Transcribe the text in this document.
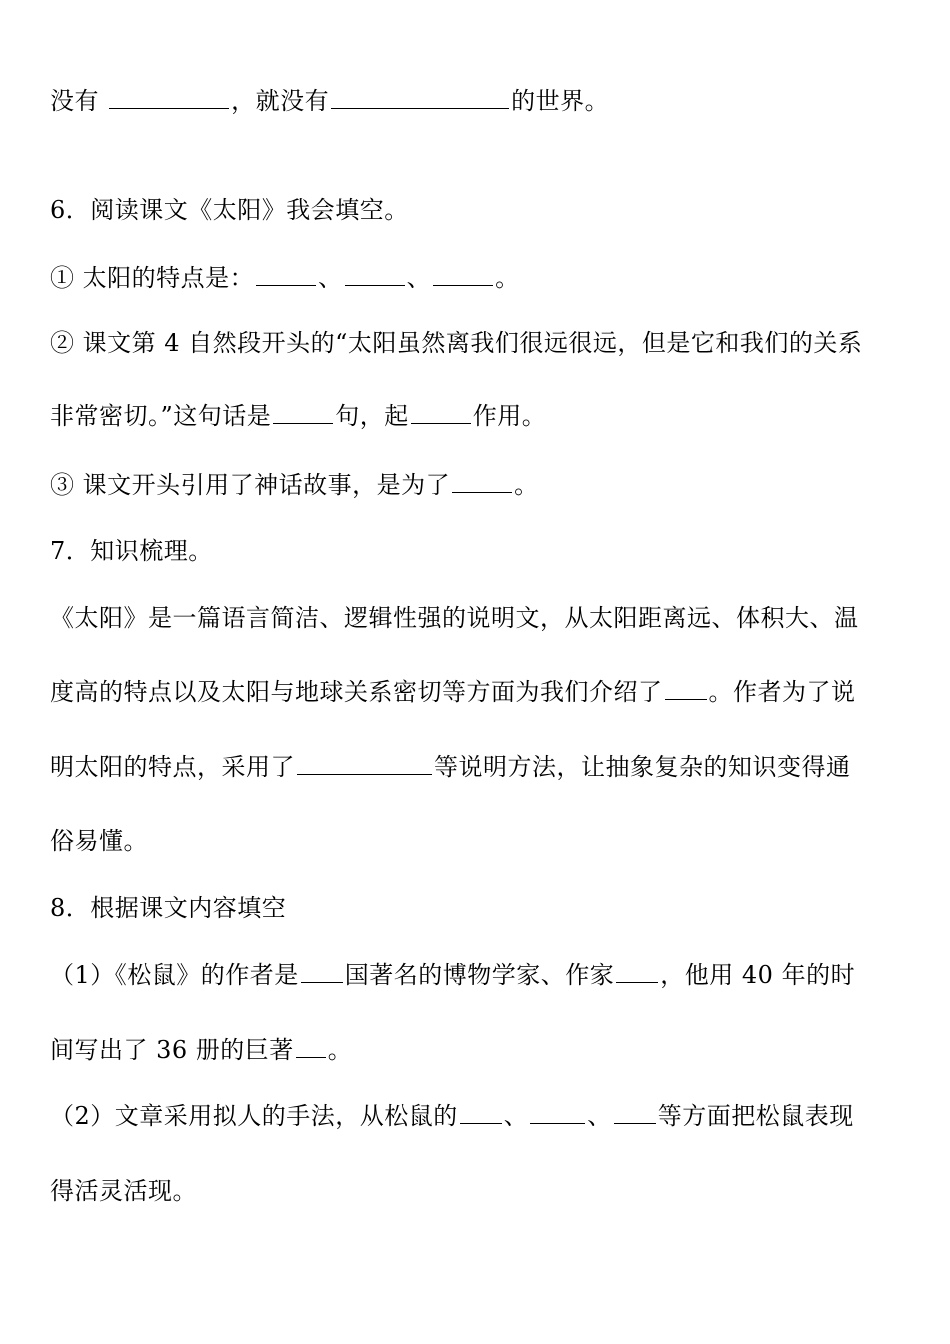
没有	，就没有	的世界。
6．阅读课文《太阳》我会填空。
① 太阳的特点是：	、	、	。
② 课文第 4 自然段开头的“太阳虽然离我们很远很远，但是它和我们的关系
非常密切。”这句话是	句，起	作用。
③ 课文开头引用了神话故事，是为了	。
7．知识梳理。
《太阳》是一篇语言简洁、逻辑性强的说明文，从太阳距离远、体积大、温
度高的特点以及太阳与地球关系密切等方面为我们介绍了 。作者为了说
明太阳的特点，采用了	等说明方法，让抽象复杂的知识变得通
俗易懂。
8．根据课文内容填空
（1）《松鼠》的作者是 国著名的博物学家、作家 ，他用 40 年的时
间写出了 36 册的巨著 。
（2）文章采用拟人的手法，从松鼠的 、 、 等方面把松鼠表现
得活灵活现。
